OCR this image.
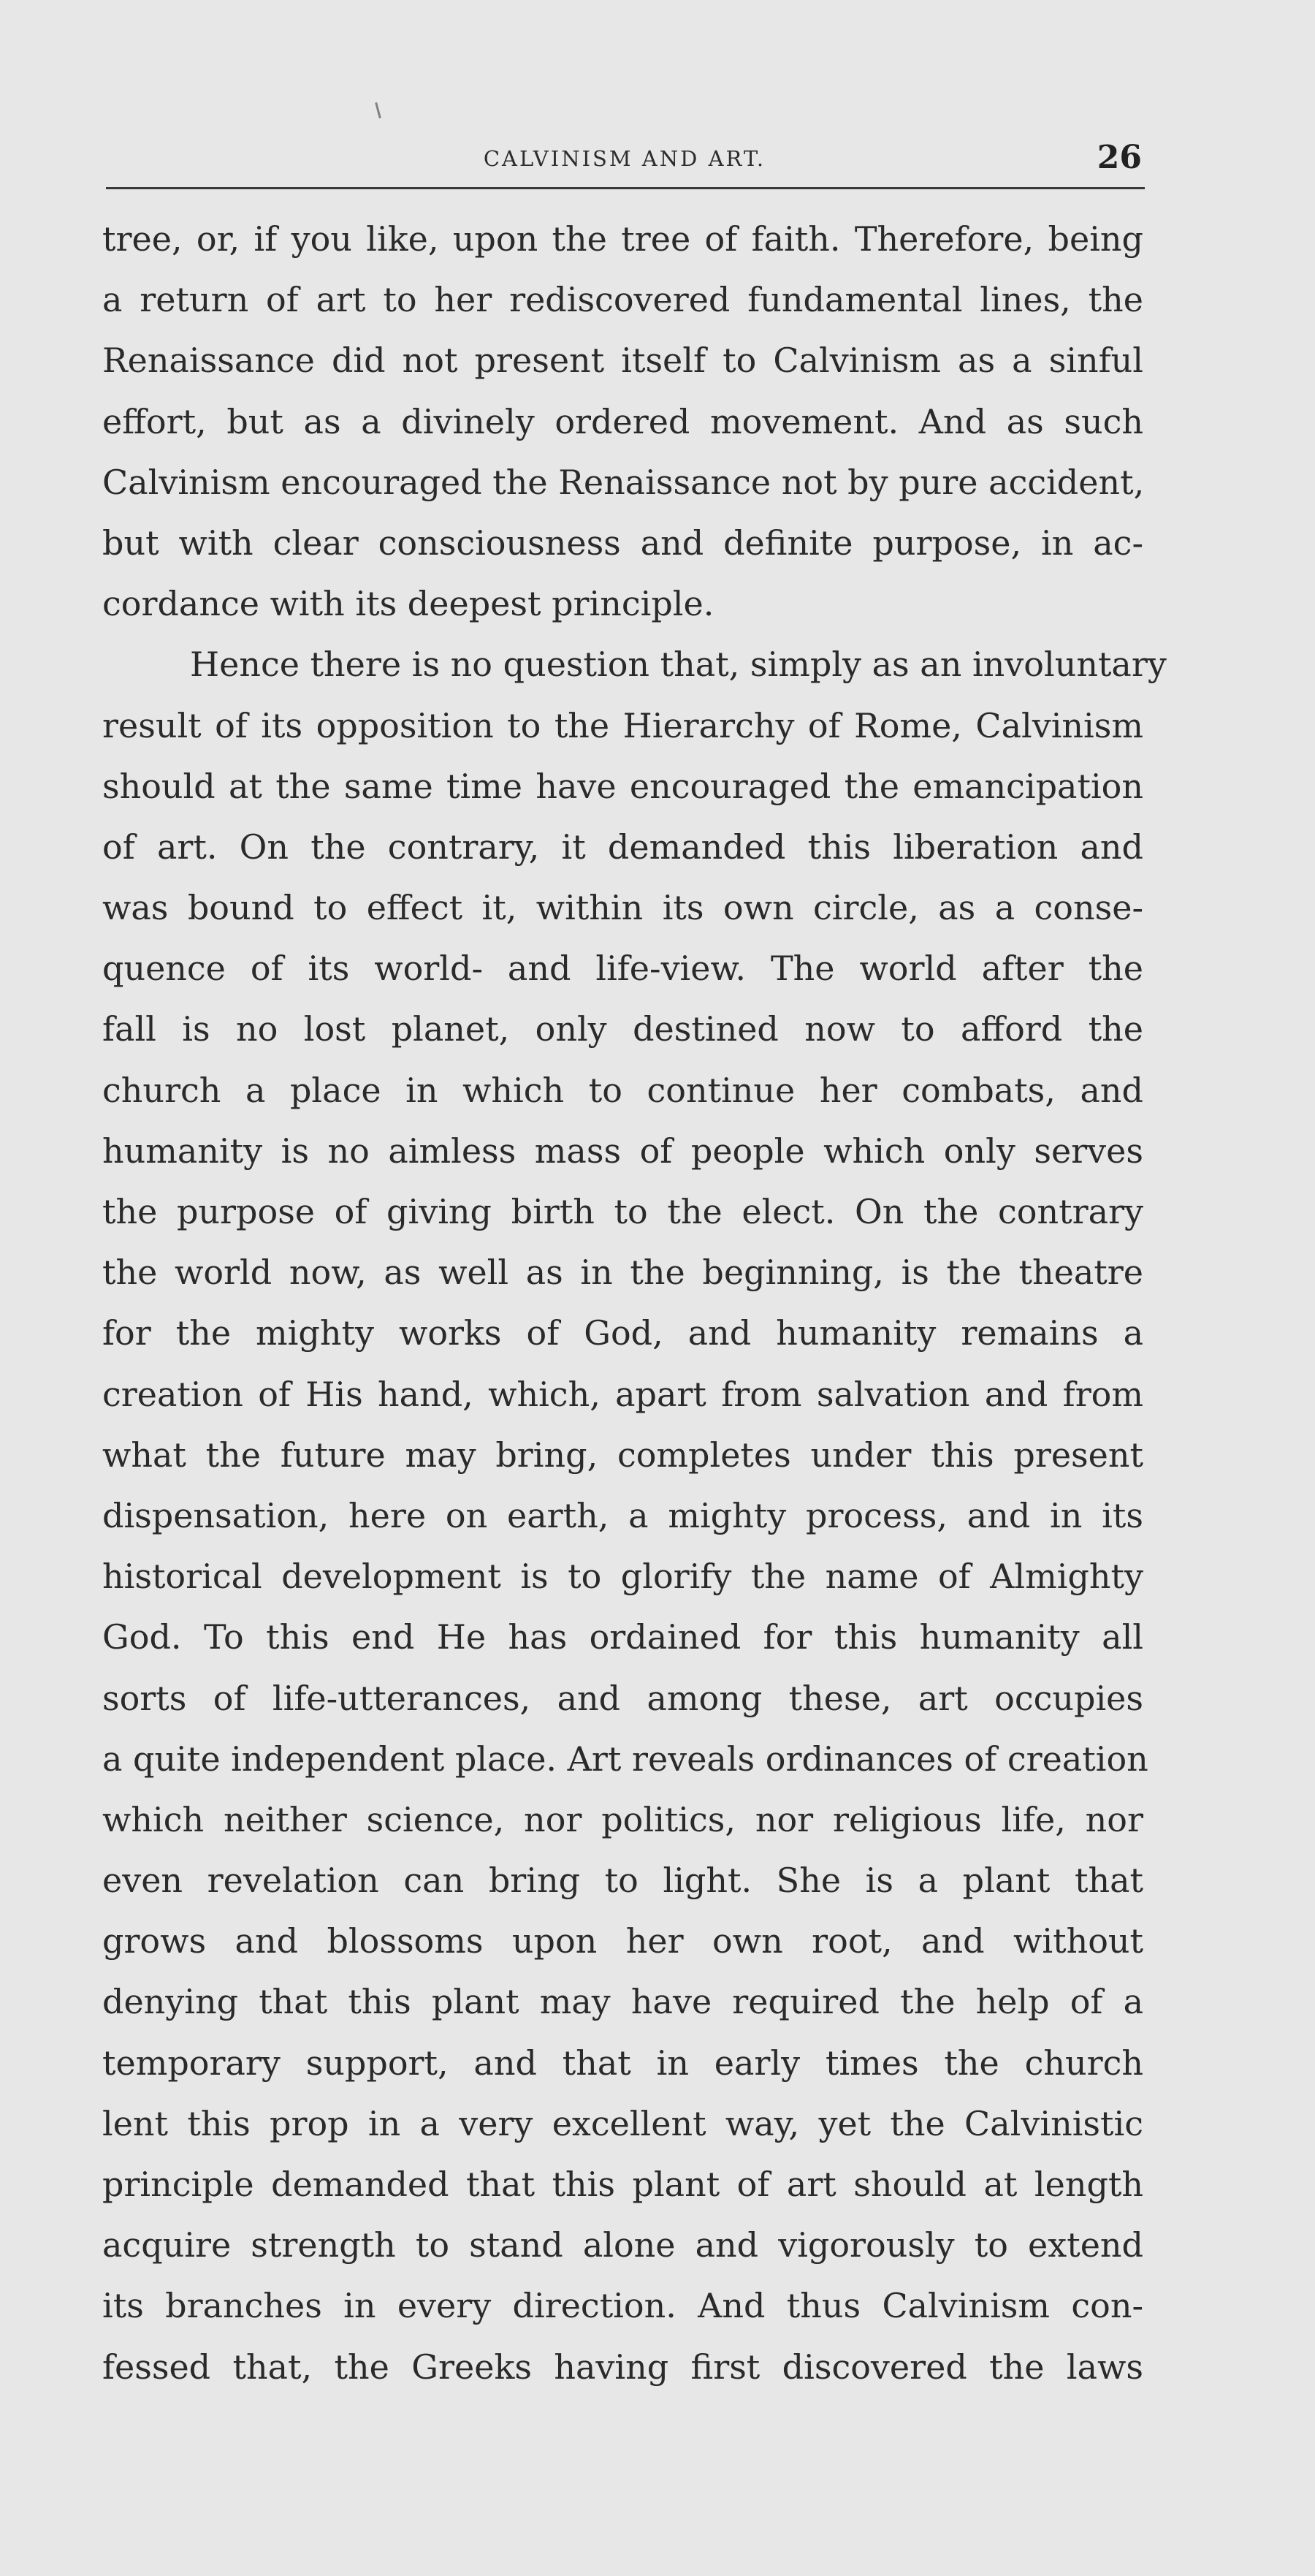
CALVINISM AND ART.	26
tree, or, if you like, upon the tree of faith. Therefore, being
a return of art to her rediscovered fundamental lines, the
Renaissance did not present itself to Calvinism as a sinful
effort, but as a divinely ordered movement. And as such
Calvinism encouraged the Renaissance not by pure accident,
but with clear consciousness and definite purpose, in ac-
cordance with its deepest principle.
Hence there is no question that, simply as an involuntary
result of its opposition to the Hierarchy of Rome, Calvinism
should at the same time have encouraged the emancipation
of art. On the contrary, it demanded this liberation and
was bound to effect it, within its own circle, as a conse-
quence of its world- and life-view. The world after the
fall is no lost planet, only destined now to afford the
church a place in which to continue her combats, and
humanity is no aimless mass of people which only serves
the purpose of giving birth to the elect. On the contrary
the world now, as well as in the beginning, is the theatre
for the mighty works of God, and humanity remains a
creation of His hand, which, apart from salvation and from
what the future may bring, completes under this present
dispensation, here on earth, a mighty process, and in its
historical development is to glorify the name of Almighty
God. To this end He has ordained for this humanity all
sorts of life-utterances, and among these, art occupies
a quite independent place. Art reveals ordinances of creation
which neither science, nor politics, nor religious life, nor
even revelation can bring to light. She is a plant that
grows and blossoms upon her own root, and without
denying that this plant may have required the help of a
temporary support, and that in early times the church
lent this prop in a very excellent way, yet the Calvinistic
principle demanded that this plant of art should at length
acquire strength to stand alone and vigorously to extend
its branches in every direction. And thus Calvinism con-
fessed that, the Greeks having first discovered the laws
